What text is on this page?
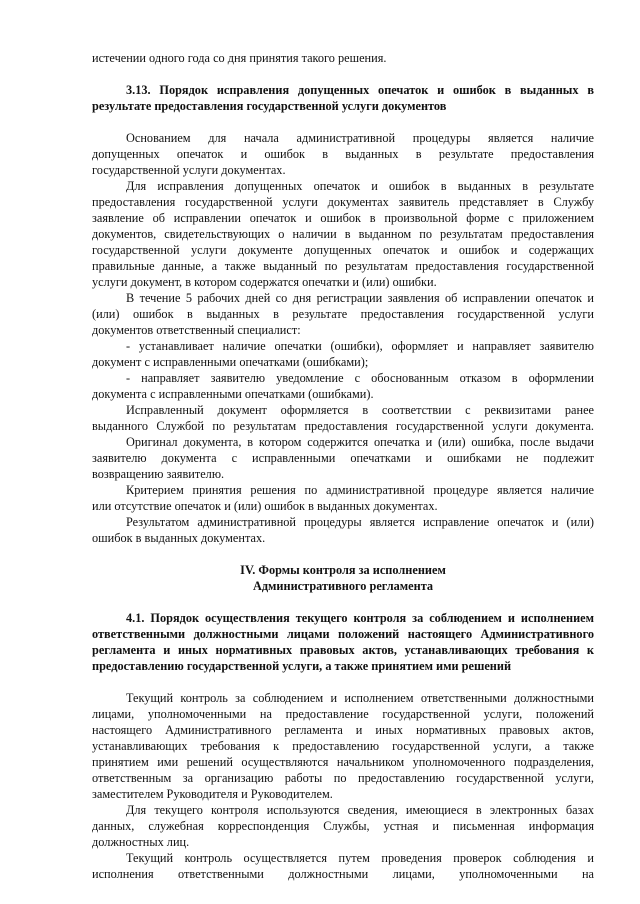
истечении одного года со дня принятия такого решения.
3.13. Порядок исправления допущенных опечаток и ошибок в выданных в
результате предоставления государственной услуги документов
Основанием для начала административной процедуры является наличие
допущенных опечаток и ошибок в выданных в результате предоставления
государственной услуги документах.
Для исправления допущенных опечаток и ошибок в выданных в результате
предоставления государственной услуги документах заявитель представляет в Службу
заявление об исправлении опечаток и ошибок в произвольной форме с приложением
документов, свидетельствующих о наличии в выданном по результатам предоставления
государственной услуги документе допущенных опечаток и ошибок и содержащих
правильные данные, а также выданный по результатам предоставления государственной
услуги документ, в котором содержатся опечатки и (или) ошибки.
В течение 5 рабочих дней со дня регистрации заявления об исправлении опечаток и
(или) ошибок в выданных в результате предоставления государственной услуги
документов ответственный специалист:
- устанавливает наличие опечатки (ошибки), оформляет и направляет заявителю
документ с исправленными опечатками (ошибками);
- направляет заявителю уведомление с обоснованным отказом в оформлении
документа с исправленными опечатками (ошибками).
Исправленный документ оформляется в соответствии с реквизитами ранее
выданного Службой по результатам предоставления государственной услуги документа.
Оригинал документа, в котором содержится опечатка и (или) ошибка, после выдачи
заявителю документа с исправленными опечатками и ошибками не подлежит
возвращению заявителю.
Критерием принятия решения по административной процедуре является наличие
или отсутствие опечаток и (или) ошибок в выданных документах.
Результатом административной процедуры является исправление опечаток и (или)
ошибок в выданных документах.
IV. Формы контроля за исполнением
Административного регламента
4.1. Порядок осуществления текущего контроля за соблюдением и исполнением
ответственными должностными лицами положений настоящего Административного
регламента и иных нормативных правовых актов, устанавливающих требования к
предоставлению государственной услуги, а также принятием ими решений
Текущий контроль за соблюдением и исполнением ответственными должностными
лицами, уполномоченными на предоставление государственной услуги, положений
настоящего Административного регламента и иных нормативных правовых актов,
устанавливающих требования к предоставлению государственной услуги, а также
принятием ими решений осуществляются начальником уполномоченного подразделения,
ответственным за организацию работы по предоставлению государственной услуги,
заместителем Руководителя и Руководителем.
Для текущего контроля используются сведения, имеющиеся в электронных базах
данных, служебная корреспонденция Службы, устная и письменная информация
должностных лиц.
Текущий контроль осуществляется путем проведения проверок соблюдения и
исполнения ответственными должностными лицами, уполномоченными на
